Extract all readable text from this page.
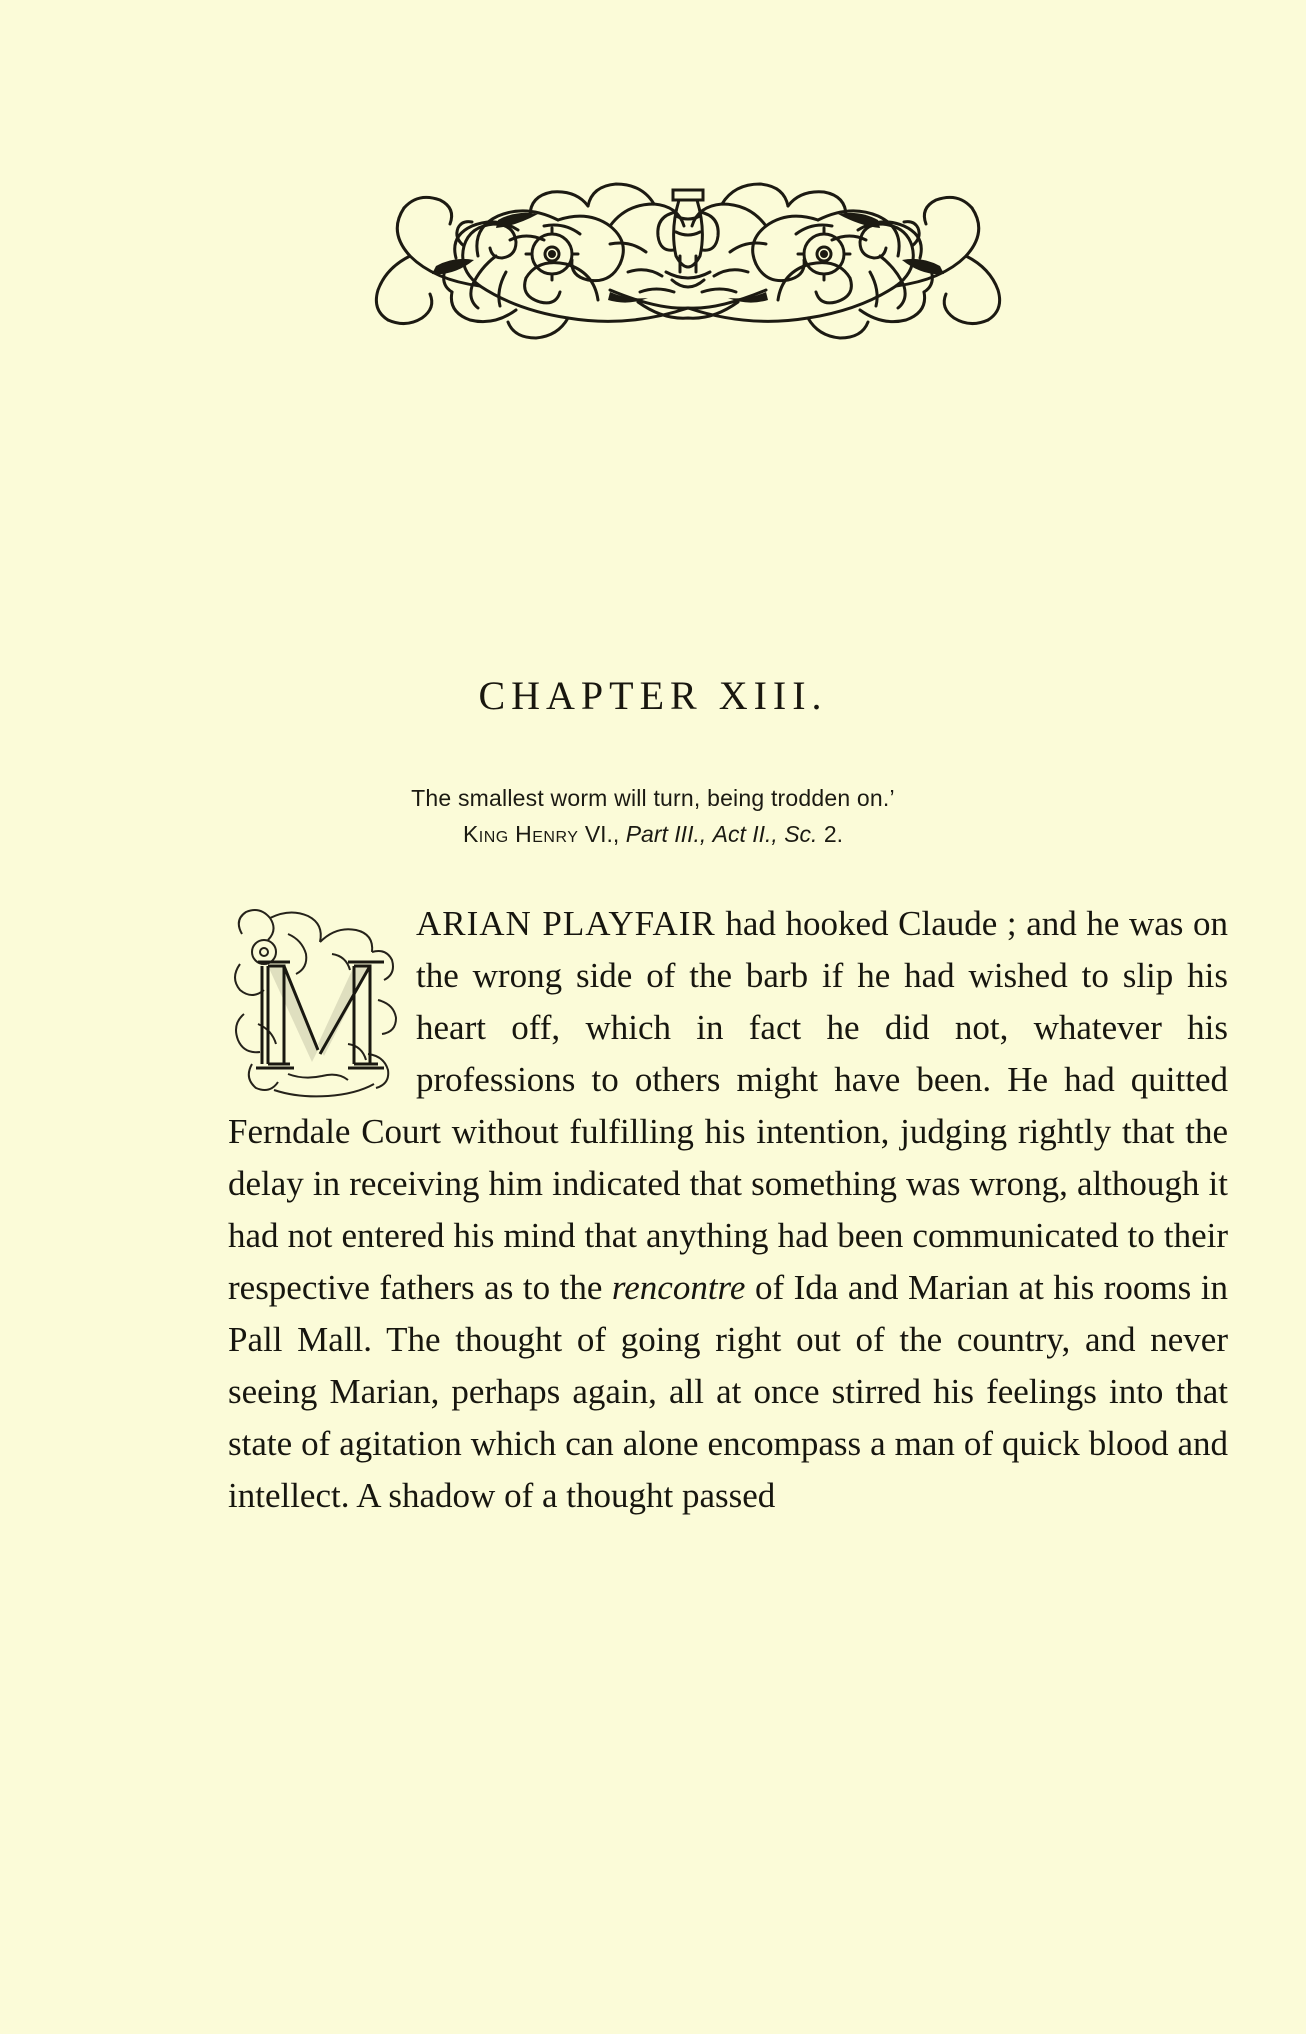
CHAPTER XIII.
The smallest worm will turn, being trodden on.’
King Henry VI., Part III., Act II., Sc. 2.

ARIAN PLAYFAIR had hooked Claude ; and he was on the wrong side of the barb if he had wished to slip his heart off, which in fact he did not, whatever his professions to others might have been. He had quitted Ferndale Court without fulfilling his intention, judging rightly that the delay in receiving him indicated that something was wrong, although it had not entered his mind that anything had been communicated to their respective fathers as to the rencontre of Ida and Marian at his rooms in Pall Mall. The thought of going right out of the country, and never seeing Marian, perhaps again, all at once stirred his feelings into that state of agitation which can alone encompass a man of quick blood and intellect. A shadow of a thought passed
